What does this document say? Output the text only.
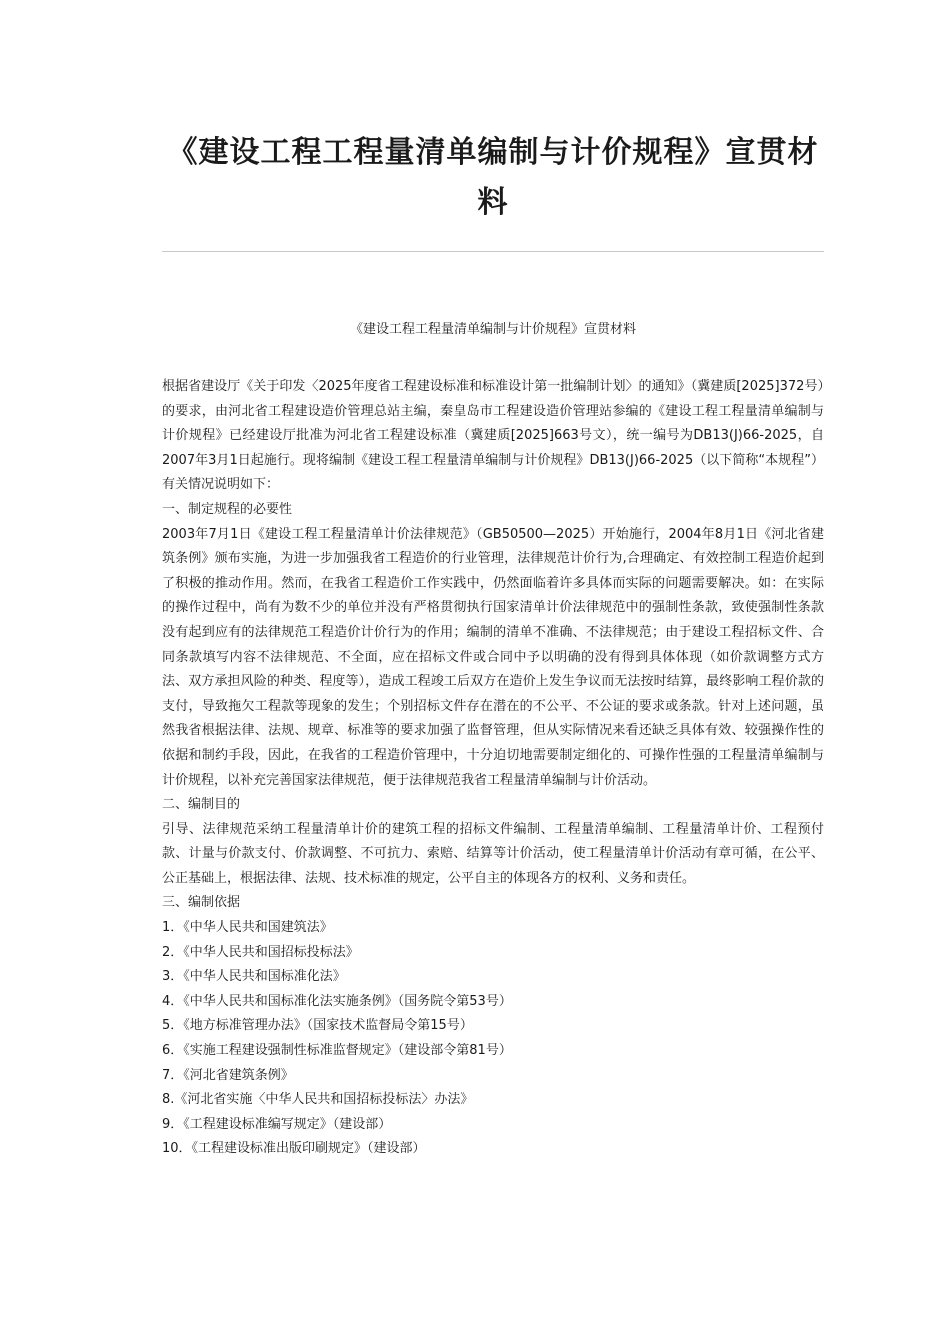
《建设工程工程量清单编制与计价规程》宣贯材
料

《建设工程工程量清单编制与计价规程》宣贯材料

根据省建设厅《关于印发〈2025年度省工程建设标准和标准设计第一批编制计划〉的通知》（冀建质[2025]372号）的要求，由河北省工程建设造价管理总站主编，秦皇岛市工程建设造价管理站参编的《建设工程工程量清单编制与计价规程》已经建设厅批准为河北省工程建设标准（冀建质[2025]663号文），统一编号为DB13(J)66-2025，自2007年3月1日起施行。现将编制《建设工程工程量清单编制与计价规程》DB13(J)66-2025（以下简称“本规程”）有关情况说明如下：

一、制定规程的必要性

2003年7月1日《建设工程工程量清单计价法律规范》（GB50500—2025）开始施行，2004年8月1日《河北省建筑条例》颁布实施，为进一步加强我省工程造价的行业管理，法律规范计价行为,合理确定、有效控制工程造价起到了积极的推动作用。然而，在我省工程造价工作实践中，仍然面临着许多具体而实际的问题需要解决。如：在实际的操作过程中，尚有为数不少的单位并没有严格贯彻执行国家清单计价法律规范中的强制性条款，致使强制性条款没有起到应有的法律规范工程造价计价行为的作用；编制的清单不准确、不法律规范；由于建设工程招标文件、合同条款填写内容不法律规范、不全面，应在招标文件或合同中予以明确的没有得到具体体现（如价款调整方式方法、双方承担风险的种类、程度等），造成工程竣工后双方在造价上发生争议而无法按时结算，最终影响工程价款的支付，导致拖欠工程款等现象的发生；个别招标文件存在潜在的不公平、不公证的要求或条款。针对上述问题，虽然我省根据法律、法规、规章、标准等的要求加强了监督管理，但从实际情况来看还缺乏具体有效、较强操作性的依据和制约手段，因此，在我省的工程造价管理中，十分迫切地需要制定细化的、可操作性强的工程量清单编制与计价规程，以补充完善国家法律规范，便于法律规范我省工程量清单编制与计价活动。

二、编制目的

引导、法律规范采纳工程量清单计价的建筑工程的招标文件编制、工程量清单编制、工程量清单计价、工程预付款、计量与价款支付、价款调整、不可抗力、索赔、结算等计价活动，使工程量清单计价活动有章可循，在公平、公正基础上，根据法律、法规、技术标准的规定，公平自主的体现各方的权利、义务和责任。

三、编制依据

1．《中华人民共和国建筑法》
2．《中华人民共和国招标投标法》
3．《中华人民共和国标准化法》
4．《中华人民共和国标准化法实施条例》（国务院令第53号）
5．《地方标准管理办法》（国家技术监督局令第15号）
6．《实施工程建设强制性标准监督规定》（建设部令第81号）
7．《河北省建筑条例》
8.《河北省实施〈中华人民共和国招标投标法〉办法》
9．《工程建设标准编写规定》（建设部）
10．《工程建设标准出版印刷规定》（建设部）
